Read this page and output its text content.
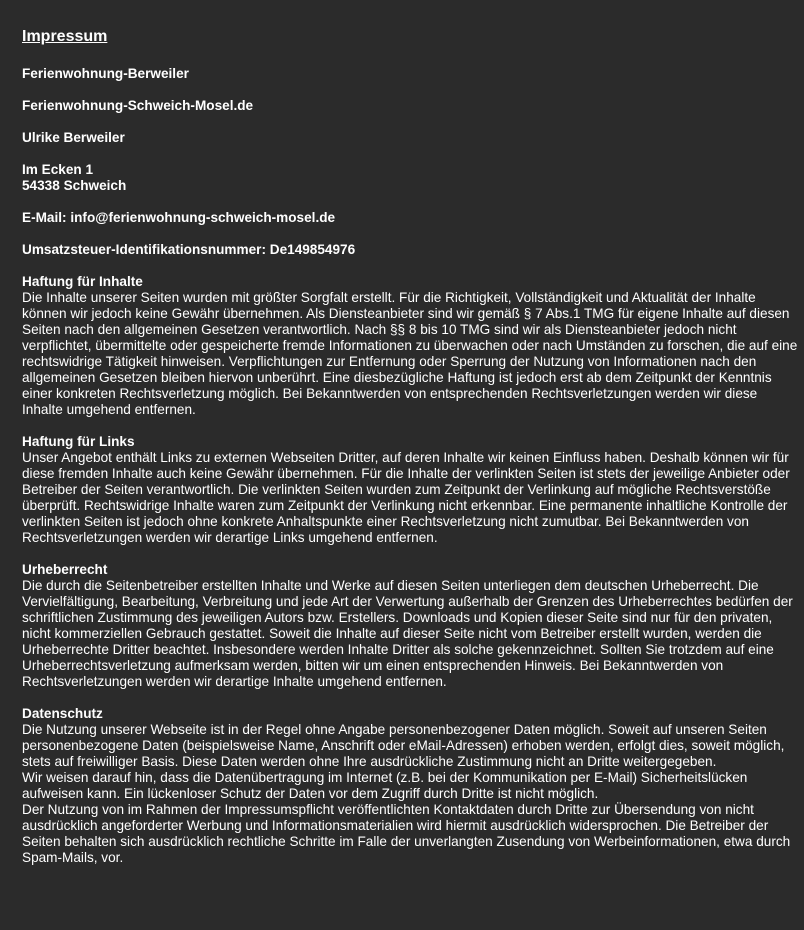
Impressum
Ferienwohnung-Berweiler
Ferienwohnung-Schweich-Mosel.de
Ulrike Berweiler
Im Ecken 1
54338 Schweich
E-Mail: info@ferienwohnung-schweich-mosel.de
Umsatzsteuer-Identifikationsnummer: De149854976
Haftung für Inhalte

Die Inhalte unserer Seiten wurden mit größter Sorgfalt erstellt. Für die Richtigkeit, Vollständigkeit und Aktualität der Inhalte können wir jedoch keine Gewähr übernehmen. Als Diensteanbieter sind wir gemäß § 7 Abs.1 TMG für eigene Inhalte auf diesen Seiten nach den allgemeinen Gesetzen verantwortlich. Nach §§ 8 bis 10 TMG sind wir als Diensteanbieter jedoch nicht verpflichtet, übermittelte oder gespeicherte fremde Informationen zu überwachen oder nach Umständen zu forschen, die auf eine rechtswidrige Tätigkeit hinweisen. Verpflichtungen zur Entfernung oder Sperrung der Nutzung von Informationen nach den allgemeinen Gesetzen bleiben hiervon unberührt. Eine diesbezügliche Haftung ist jedoch erst ab dem Zeitpunkt der Kenntnis einer konkreten Rechtsverletzung möglich. Bei Bekanntwerden von entsprechenden Rechtsverletzungen werden wir diese Inhalte umgehend entfernen.

Haftung für Links

Unser Angebot enthält Links zu externen Webseiten Dritter, auf deren Inhalte wir keinen Einfluss haben. Deshalb können wir für diese fremden Inhalte auch keine Gewähr übernehmen. Für die Inhalte der verlinkten Seiten ist stets der jeweilige Anbieter oder Betreiber der Seiten verantwortlich. Die verlinkten Seiten wurden zum Zeitpunkt der Verlinkung auf mögliche Rechtsverstöße überprüft. Rechtswidrige Inhalte waren zum Zeitpunkt der Verlinkung nicht erkennbar. Eine permanente inhaltliche Kontrolle der verlinkten Seiten ist jedoch ohne konkrete Anhaltspunkte einer Rechtsverletzung nicht zumutbar. Bei Bekanntwerden von Rechtsverletzungen werden wir derartige Links umgehend entfernen.

Urheberrecht

Die durch die Seitenbetreiber erstellten Inhalte und Werke auf diesen Seiten unterliegen dem deutschen Urheberrecht. Die Vervielfältigung, Bearbeitung, Verbreitung und jede Art der Verwertung außerhalb der Grenzen des Urheberrechtes bedürfen der schriftlichen Zustimmung des jeweiligen Autors bzw. Erstellers. Downloads und Kopien dieser Seite sind nur für den privaten, nicht kommerziellen Gebrauch gestattet. Soweit die Inhalte auf dieser Seite nicht vom Betreiber erstellt wurden, werden die Urheberrechte Dritter beachtet. Insbesondere werden Inhalte Dritter als solche gekennzeichnet. Sollten Sie trotzdem auf eine Urheberrechtsverletzung aufmerksam werden, bitten wir um einen entsprechenden Hinweis. Bei Bekanntwerden von Rechtsverletzungen werden wir derartige Inhalte umgehend entfernen.

Datenschutz

Die Nutzung unserer Webseite ist in der Regel ohne Angabe personenbezogener Daten möglich. Soweit auf unseren Seiten personenbezogene Daten (beispielsweise Name, Anschrift oder eMail-Adressen) erhoben werden, erfolgt dies, soweit möglich, stets auf freiwilliger Basis. Diese Daten werden ohne Ihre ausdrückliche Zustimmung nicht an Dritte weitergegeben.

Wir weisen darauf hin, dass die Datenübertragung im Internet (z.B. bei der Kommunikation per E-Mail) Sicherheitslücken aufweisen kann. Ein lückenloser Schutz der Daten vor dem Zugriff durch Dritte ist nicht möglich.

Der Nutzung von im Rahmen der Impressumspflicht veröffentlichten Kontaktdaten durch Dritte zur Übersendung von nicht ausdrücklich angeforderter Werbung und Informationsmaterialien wird hiermit ausdrücklich widersprochen. Die Betreiber der Seiten behalten sich ausdrücklich rechtliche Schritte im Falle der unverlangten Zusendung von Werbeinformationen, etwa durch Spam-Mails, vor.
